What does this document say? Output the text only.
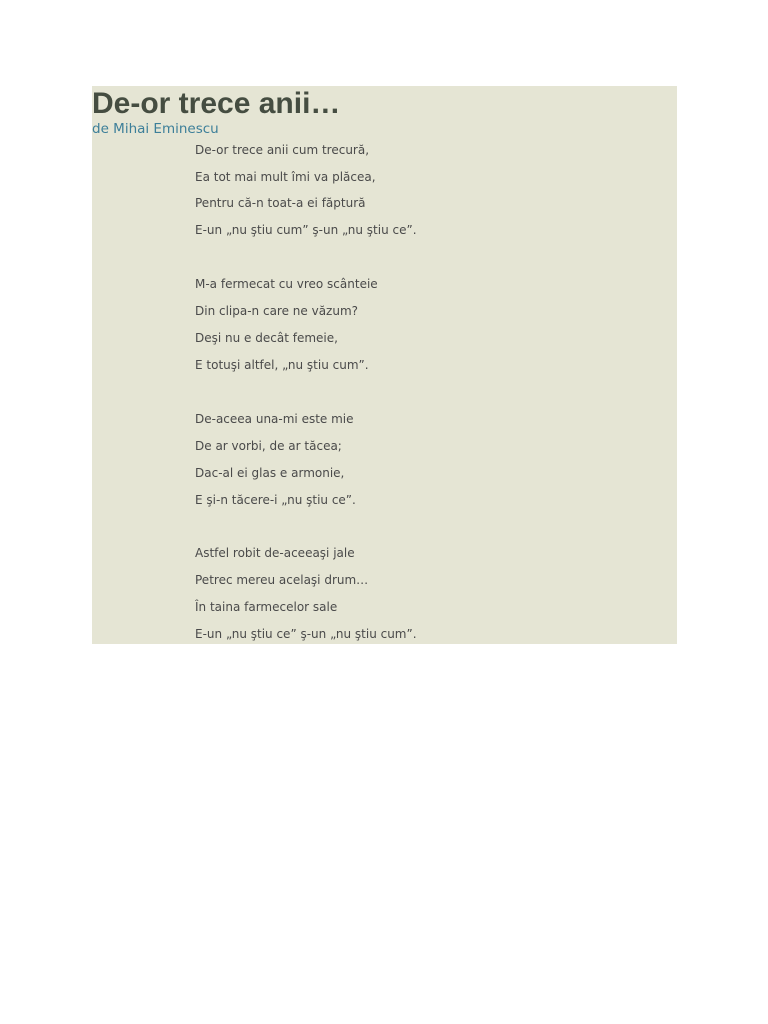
De-or trece anii…
de Mihai Eminescu
De-or trece anii cum trecură,
Ea tot mai mult îmi va plăcea,
Pentru că-n toat-a ei făptură
E-un „nu ştiu cum” ş-un „nu ştiu ce”.
M-a fermecat cu vreo scânteie
Din clipa-n care ne văzum?
Deşi nu e decât femeie,
E totuşi altfel, „nu ştiu cum”.
De-aceea una-mi este mie
De ar vorbi, de ar tăcea;
Dac-al ei glas e armonie,
E şi-n tăcere-i „nu ştiu ce”.
Astfel robit de-aceeaşi jale
Petrec mereu acelaşi drum…
În taina farmecelor sale
E-un „nu ştiu ce” ş-un „nu ştiu cum”.
